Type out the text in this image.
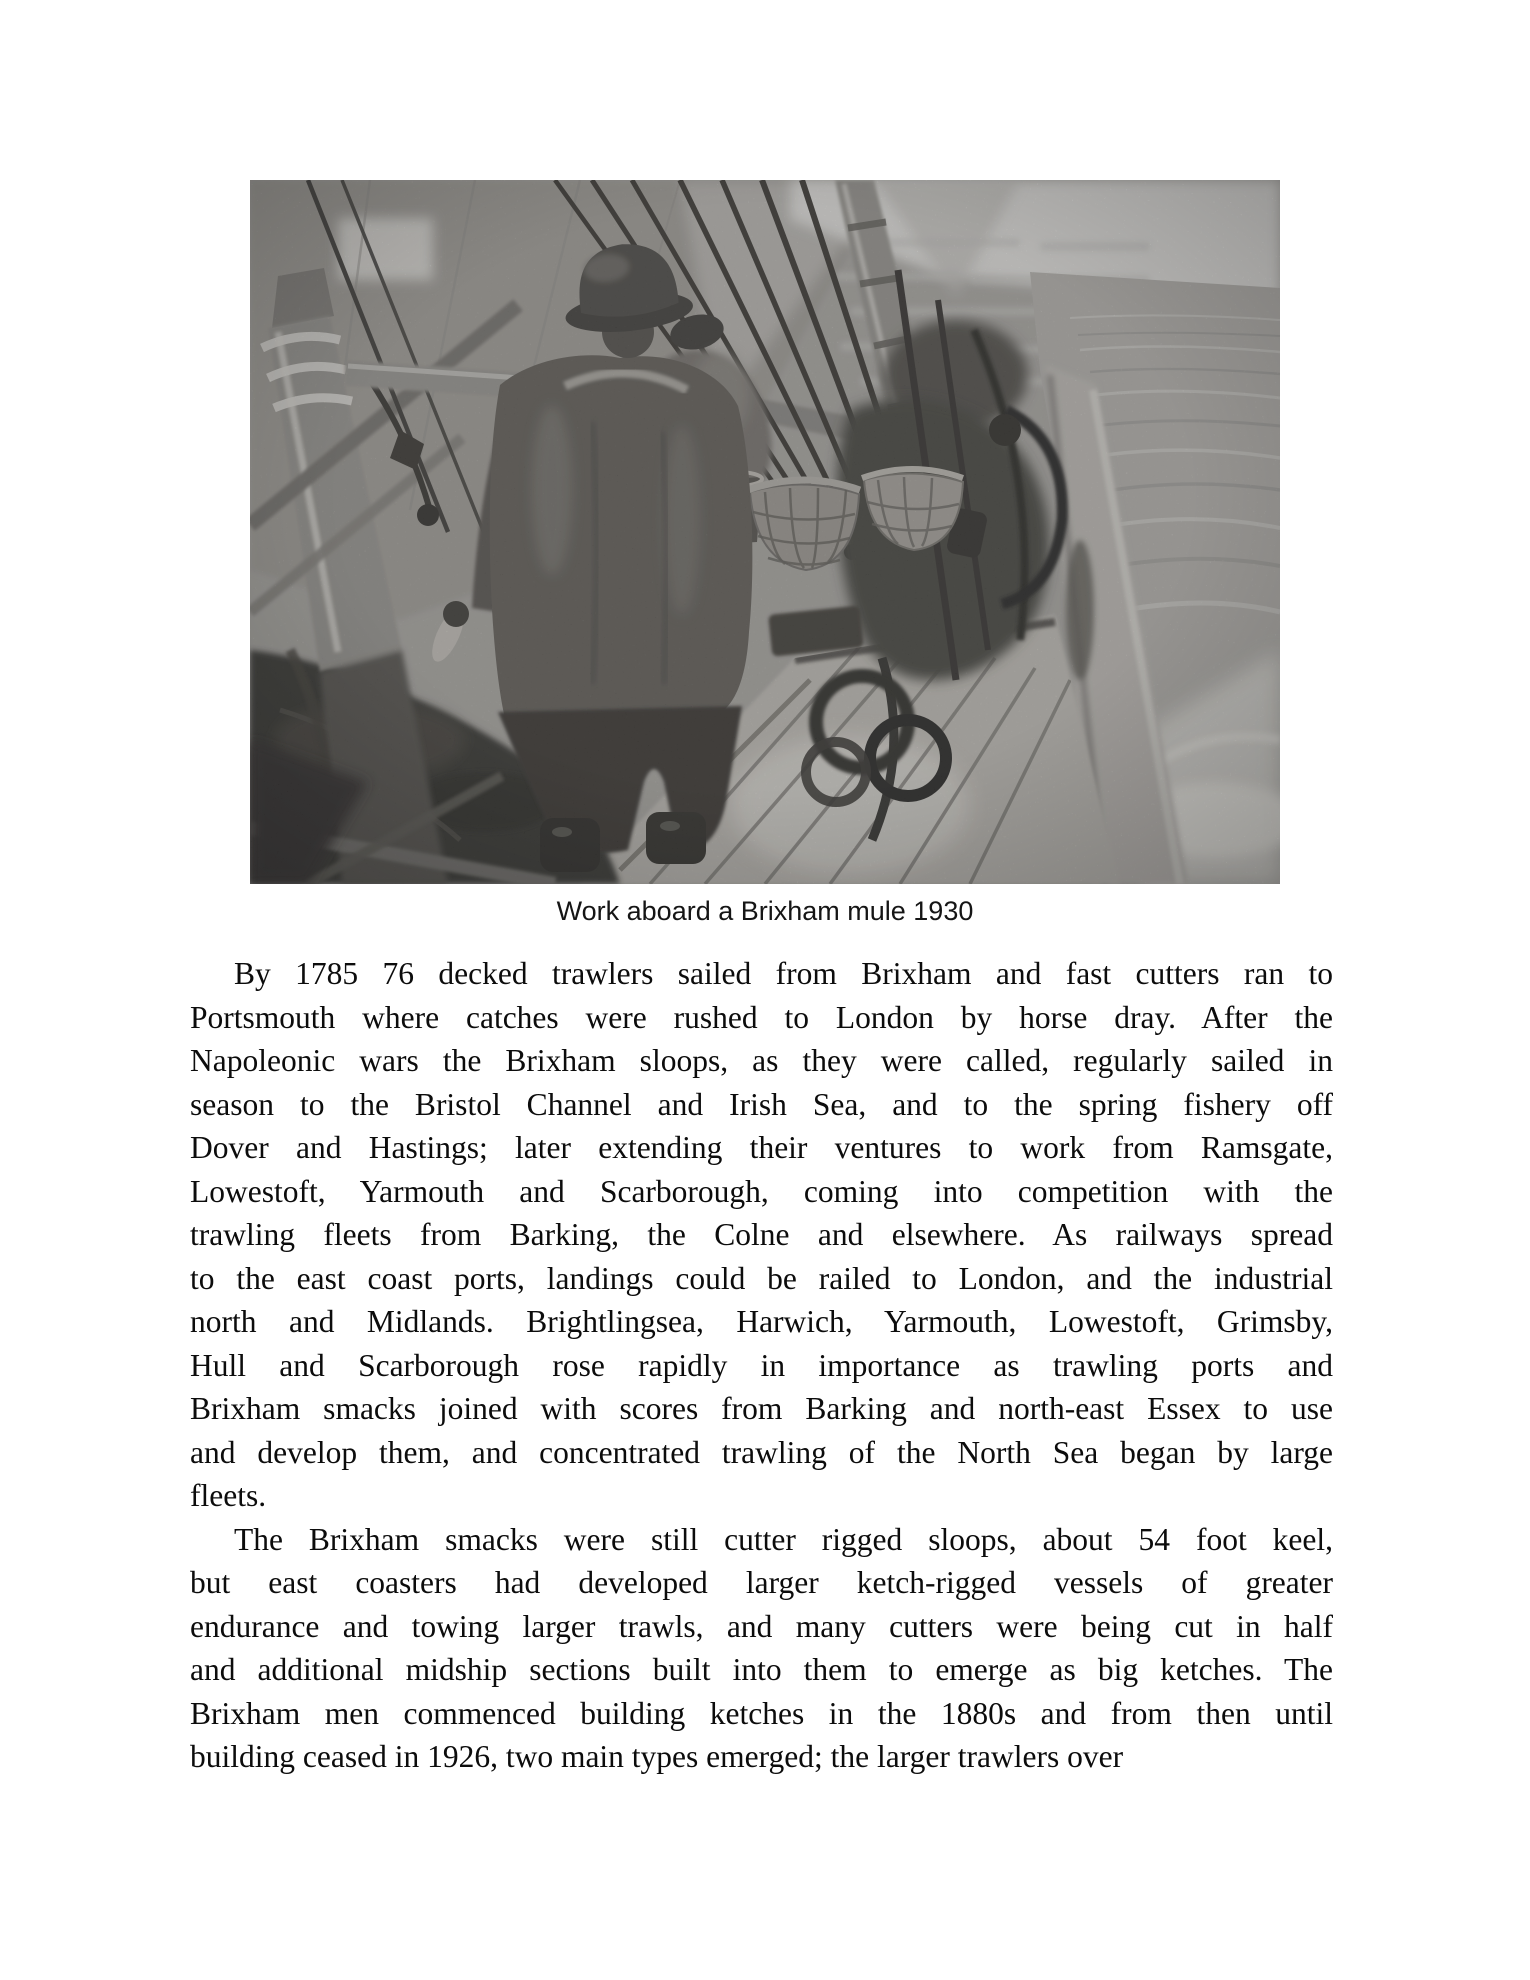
Work aboard a Brixham mule 1930
By 1785 76 decked trawlers sailed from Brixham and fast cutters ran to
Portsmouth where catches were rushed to London by horse dray. After the
Napoleonic wars the Brixham sloops, as they were called, regularly sailed in
season to the Bristol Channel and Irish Sea, and to the spring fishery off
Dover and Hastings; later extending their ventures to work from Ramsgate,
Lowestoft, Yarmouth and Scarborough, coming into competition with the
trawling fleets from Barking, the Colne and elsewhere. As railways spread
to the east coast ports, landings could be railed to London, and the industrial
north and Midlands. Brightlingsea, Harwich, Yarmouth, Lowestoft, Grimsby,
Hull and Scarborough rose rapidly in importance as trawling ports and
Brixham smacks joined with scores from Barking and north-east Essex to use
and develop them, and concentrated trawling of the North Sea began by large
fleets.
The Brixham smacks were still cutter rigged sloops, about 54 foot keel,
but east coasters had developed larger ketch-rigged vessels of greater
endurance and towing larger trawls, and many cutters were being cut in half
and additional midship sections built into them to emerge as big ketches. The
Brixham men commenced building ketches in the 1880s and from then until
building ceased in 1926, two main types emerged; the larger trawlers over
